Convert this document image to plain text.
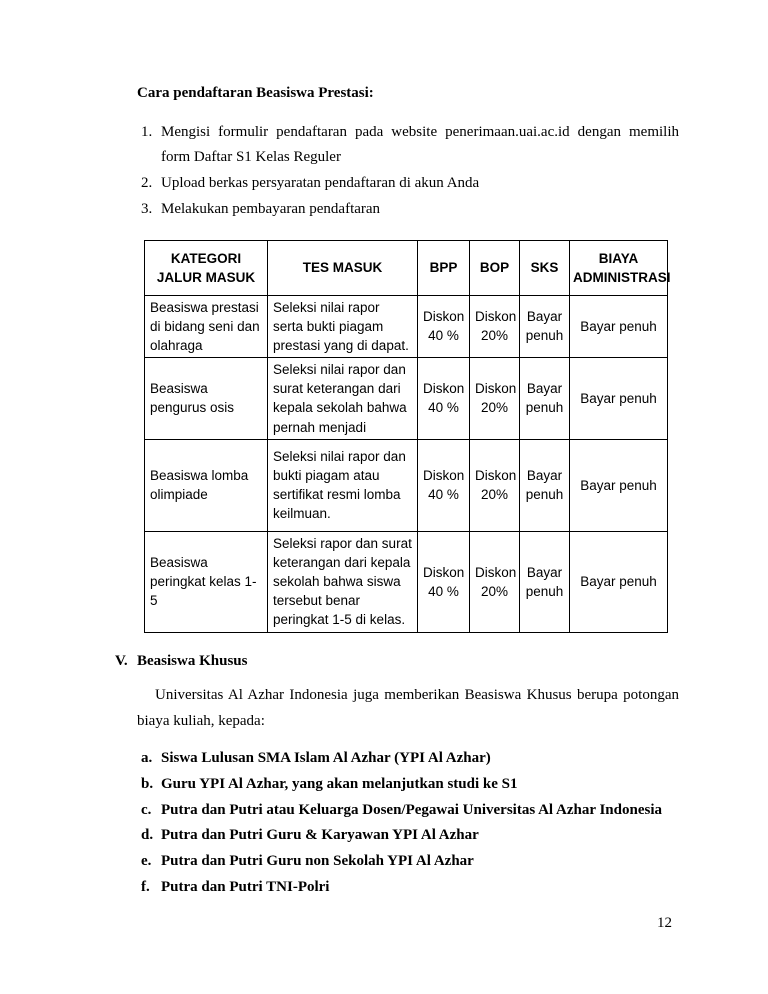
Cara pendaftaran Beasiswa Prestasi:
1. Mengisi formulir pendaftaran pada website penerimaan.uai.ac.id dengan memilih form Daftar S1 Kelas Reguler
2. Upload berkas persyaratan pendaftaran di akun Anda
3. Melakukan pembayaran pendaftaran
KATEGORI JALUR MASUK	TES MASUK	BPP	BOP	SKS	BIAYA ADMINISTRASI
Beasiswa prestasi di bidang seni dan olahraga	Seleksi nilai rapor serta bukti piagam prestasi yang di dapat.	Diskon 40 %	Diskon 20%	Bayar penuh	Bayar penuh
Beasiswa pengurus osis	Seleksi nilai rapor dan surat keterangan dari kepala sekolah bahwa pernah menjadi	Diskon 40 %	Diskon 20%	Bayar penuh	Bayar penuh
Beasiswa lomba olimpiade	Seleksi nilai rapor dan bukti piagam atau sertifikat resmi lomba keilmuan.	Diskon 40 %	Diskon 20%	Bayar penuh	Bayar penuh
Beasiswa peringkat kelas 1-5	Seleksi rapor dan surat keterangan dari kepala sekolah bahwa siswa tersebut benar peringkat 1-5 di kelas.	Diskon 40 %	Diskon 20%	Bayar penuh	Bayar penuh
V. Beasiswa Khusus
Universitas Al Azhar Indonesia juga memberikan Beasiswa Khusus berupa potongan biaya kuliah, kepada:
a. Siswa Lulusan SMA Islam Al Azhar (YPI Al Azhar)
b. Guru YPI Al Azhar, yang akan melanjutkan studi ke S1
c. Putra dan Putri atau Keluarga Dosen/Pegawai Universitas Al Azhar Indonesia
d. Putra dan Putri Guru & Karyawan YPI Al Azhar
e. Putra dan Putri Guru non Sekolah YPI Al Azhar
f. Putra dan Putri TNI-Polri
12
